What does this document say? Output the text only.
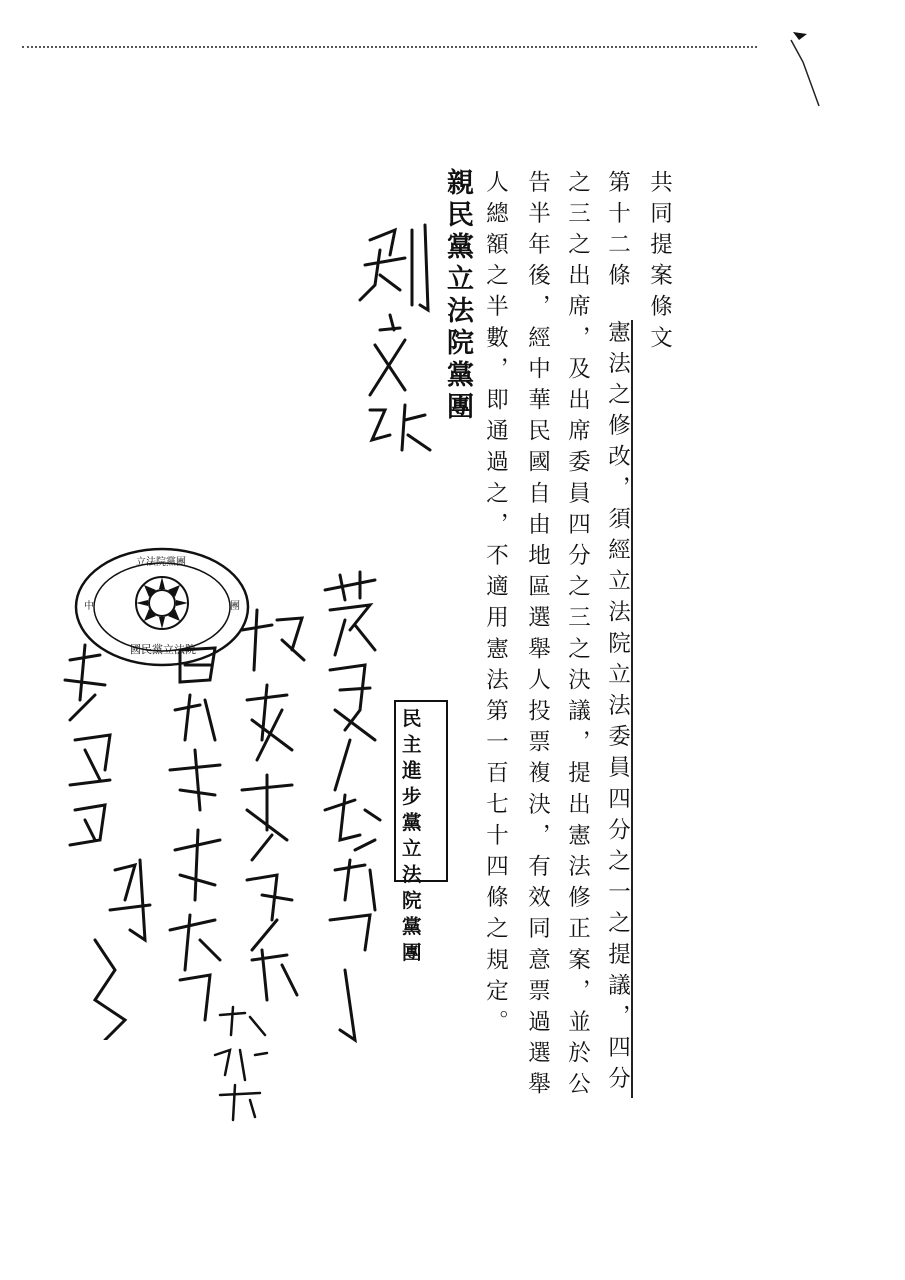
共同提案條文
第十二條憲法之修改，須經立法院立法委員四分之一之提議，四分
之三之出席，及出席委員四分之三之決議，提出憲法修正案，並於公
告半年後，經中華民國自由地區選舉人投票複決，有效同意票過選舉
人總額之半數，即通過之，不適用憲法第一百七十四條之規定。
親民黨立法院黨團
民主進步黨立法院黨團
中	團
國民黨立法院
立法院黨團
